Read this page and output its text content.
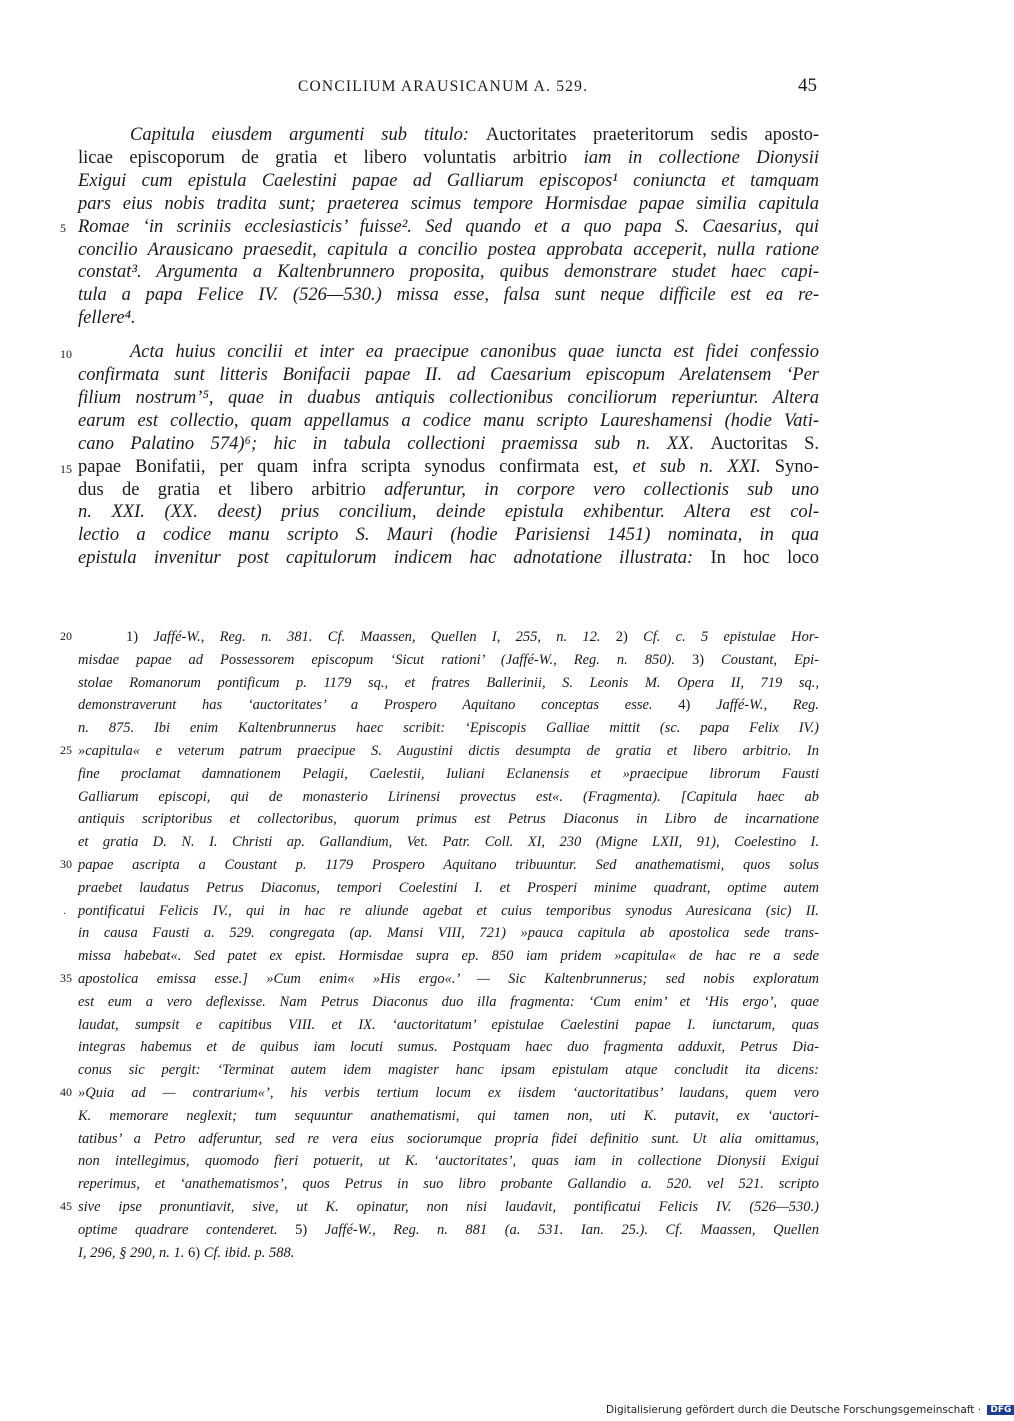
CONCILIUM ARAUSICANUM A. 529.	45
Capitula eiusdem argumenti sub titulo: Auctoritates praeteritorum sedis aposto-
licae episcoporum de gratia et libero voluntatis arbitrio iam in collectione Dionysii
Exigui cum epistula Caelestini papae ad Galliarum episcopos¹ coniuncta et tamquam
pars eius nobis tradita sunt; praeterea scimus tempore Hormisdae papae similia capitula
Romae ‘in scriniis ecclesiasticis’ fuisse². Sed quando et a quo papa S. Caesarius, qui
concilio Arausicano praesedit, capitula a concilio postea approbata acceperit, nulla ratione
constat³. Argumenta a Kaltenbrunnero proposita, quibus demonstrare studet haec capi-
tula a papa Felice IV. (526—530.) missa esse, falsa sunt neque difficile est ea re-
fellere⁴.
Acta huius concilii et inter ea praecipue canonibus quae iuncta est fidei confessio
confirmata sunt litteris Bonifacii papae II. ad Caesarium episcopum Arelatensem ‘Per
filium nostrum’⁵, quae in duabus antiquis collectionibus conciliorum reperiuntur. Altera
earum est collectio, quam appellamus a codice manu scripto Laureshamensi (hodie Vati-
cano Palatino 574)⁶; hic in tabula collectioni praemissa sub n. XX. Auctoritas S.
papae Bonifatii, per quam infra scripta synodus confirmata est, et sub n. XXI. Syno-
dus de gratia et libero arbitrio adferuntur, in corpore vero collectionis sub uno
n. XXI. (XX. deest) prius concilium, deinde epistula exhibentur. Altera est col-
lectio a codice manu scripto S. Mauri (hodie Parisiensi 1451) nominata, in qua
epistula invenitur post capitulorum indicem hac adnotatione illustrata: In hoc loco
1) Jaffé-W., Reg. n. 381. Cf. Maassen, Quellen I, 255, n. 12. 2) Cf. c. 5 epistulae Hor-
misdae papae ad Possessorem episcopum ‘Sicut rationi’ (Jaffé-W., Reg. n. 850). 3) Coustant, Epi-
stolae Romanorum pontificum p. 1179 sq., et fratres Ballerinii, S. Leonis M. Opera II, 719 sq.,
demonstraverunt has ‘auctoritates’ a Prospero Aquitano conceptas esse. 4) Jaffé-W., Reg.
n. 875. Ibi enim Kaltenbrunnerus haec scribit: ‘Episcopis Galliae mittit (sc. papa Felix IV.)
»capitula« e veterum patrum praecipue S. Augustini dictis desumpta de gratia et libero arbitrio. In
fine proclamat damnationem Pelagii, Caelestii, Iuliani Eclanensis et »praecipue librorum Fausti
Galliarum episcopi, qui de monasterio Lirinensi provectus est«. (Fragmenta). [Capitula haec ab
antiquis scriptoribus et collectoribus, quorum primus est Petrus Diaconus in Libro de incarnatione
et gratia D. N. I. Christi ap. Gallandium, Vet. Patr. Coll. XI, 230 (Migne LXII, 91), Coelestino I.
papae ascripta a Coustant p. 1179 Prospero Aquitano tribuuntur. Sed anathematismi, quos solus
praebet laudatus Petrus Diaconus, tempori Coelestini I. et Prosperi minime quadrant, optime autem
pontificatui Felicis IV., qui in hac re aliunde agebat et cuius temporibus synodus Auresicana (sic) II.
in causa Fausti a. 529. congregata (ap. Mansi VIII, 721) »pauca capitula ab apostolica sede trans-
missa habebat«. Sed patet ex epist. Hormisdae supra ep. 850 iam pridem »capitula« de hac re a sede
apostolica emissa esse.] »Cum enim« »His ergo«.’ — Sic Kaltenbrunnerus; sed nobis exploratum
est eum a vero deflexisse. Nam Petrus Diaconus duo illa fragmenta: ‘Cum enim’ et ‘His ergo’, quae
laudat, sumpsit e capitibus VIII. et IX. ‘auctoritatum’ epistulae Caelestini papae I. iunctarum, quas
integras habemus et de quibus iam locuti sumus. Postquam haec duo fragmenta adduxit, Petrus Dia-
conus sic pergit: ‘Terminat autem idem magister hanc ipsam epistulam atque concludit ita dicens:
»Quia ad — contrarium«’, his verbis tertium locum ex iisdem ‘auctoritatibus’ laudans, quem vero
K. memorare neglexit; tum sequuntur anathematismi, qui tamen non, uti K. putavit, ex ‘auctori-
tatibus’ a Petro adferuntur, sed re vera eius sociorumque propria fidei definitio sunt. Ut alia omittamus,
non intellegimus, quomodo fieri potuerit, ut K. ‘auctoritates’, quas iam in collectione Dionysii Exigui
reperimus, et ‘anathematismos’, quos Petrus in suo libro probante Gallandio a. 520. vel 521. scripto
sive ipse pronuntiavit, sive, ut K. opinatur, non nisi laudavit, pontificatui Felicis IV. (526—530.)
optime quadrare contenderet. 5) Jaffé-W., Reg. n. 881 (a. 531. Ian. 25.). Cf. Maassen, Quellen
I, 296, § 290, n. 1. 6) Cf. ibid. p. 588.
5
10
15
20
25
30
35
40
45
·
Digitalisierung gefördert durch die Deutsche Forschungsgemeinschaft · DFG
